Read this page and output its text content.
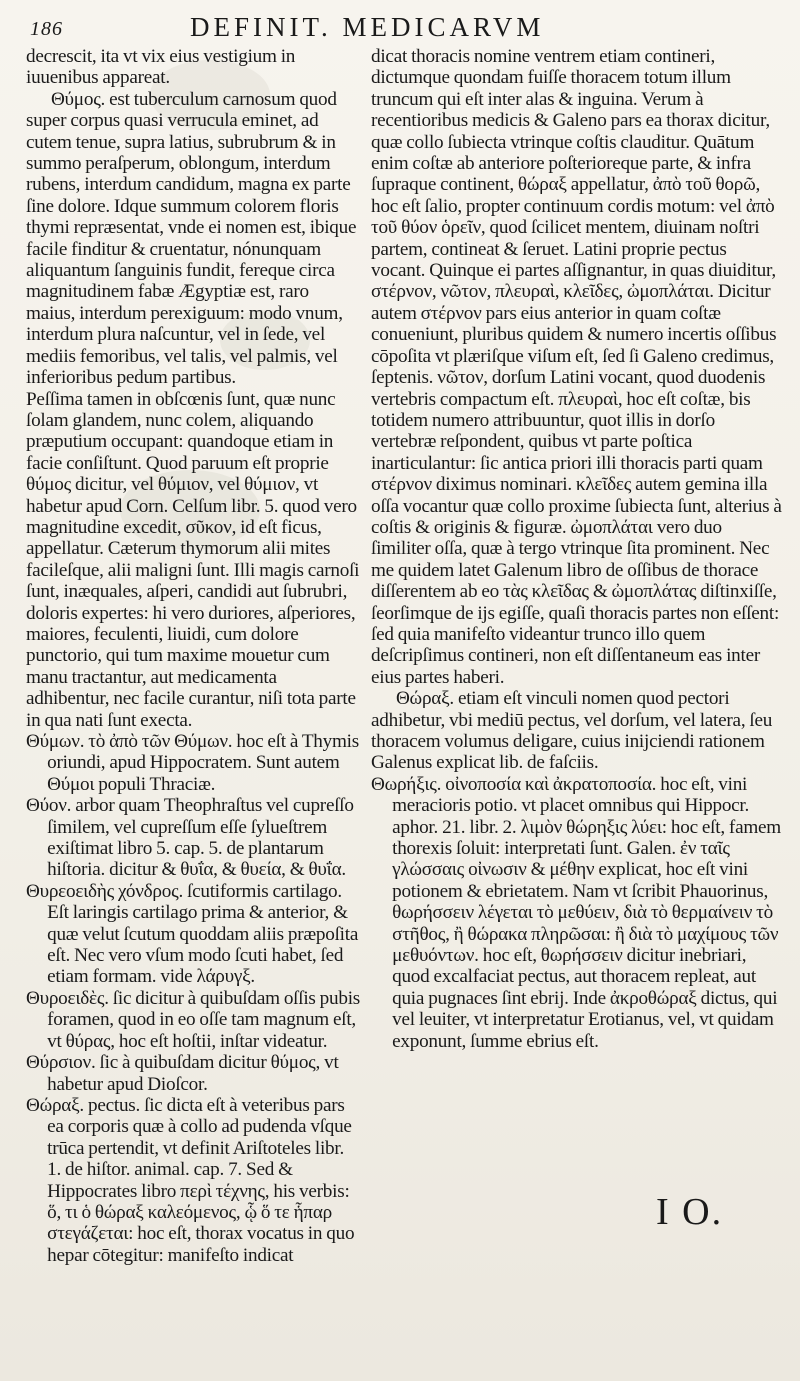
186	DEFINIT. MEDICARVM

decrescit, ita vt vix eius vestigium in iuuenibus appareat.

Θύμος. est tuberculum carnosum quod super corpus quasi verrucula eminet, ad cutem tenue, supra latius, subrubrum & in summo peraſperum, oblongum, interdum rubens, interdum candidum, magna ex parte ſine dolore. Idque summum colorem floris thymi repræsentat, vnde ei nomen est, ibique facile finditur & cruentatur, nónunquam aliquantum ſanguinis fundit, fereque circa magnitudinem fabæ Ægyptiæ est, raro maius, interdum perexiguum: modo vnum, interdum plura naſcuntur, vel in ſede, vel mediis femoribus, vel talis, vel palmis, vel inferioribus pedum partibus.

Peſſima tamen in obſcœnis ſunt, quæ nunc ſolam glandem, nunc colem, aliquando præputium occupant: quandoque etiam in facie conſiſtunt. Quod paruum eſt proprie θύμος dicitur, vel θύμιον, vel θύμιον, vt habetur apud Corn. Celſum libr. 5. quod vero magnitudine excedit, σῦκον, id eſt ficus, appellatur. Cæterum thymorum alii mites facileſque, alii maligni ſunt. Illi magis carnoſi ſunt, inæquales, aſperi, candidi aut ſubrubri, doloris expertes: hi vero duriores, aſperiores, maiores, feculenti, liuidi, cum dolore punctorio, qui tum maxime mouetur cum manu tractantur, aut medicamenta adhibentur, nec facile curantur, niſi tota parte in qua nati ſunt execta.

Θύμων. τὸ ἀπὸ τῶν Θύμων. hoc eſt à Thymis oriundi, apud Hippocratem. Sunt autem Θύμοι populi Thraciæ.

Θύον. arbor quam Theophraſtus vel cupreſſo ſimilem, vel cupreſſum eſſe ſylueſtrem exiſtimat libro 5. cap. 5. de plantarum hiſtoria. dicitur & θυΐα, & θυεία, & θυΐα.

Θυρεοειδὴς χόνδρος. ſcutiformis cartilago. Eſt laringis cartilago prima & anterior, & quæ velut ſcutum quoddam aliis præpoſita eſt. Nec vero vſum modo ſcuti habet, ſed etiam formam. vide λάρυγξ.

Θυροειδὲς. ſic dicitur à quibuſdam oſſis pubis foramen, quod in eo oſſe tam magnum eſt, vt θύρας, hoc eſt hoſtii, inſtar videatur.

Θύρσιον. ſic à quibuſdam dicitur θύμος, vt habetur apud Dioſcor.

Θώραξ. pectus. ſic dicta eſt à veteribus pars ea corporis quæ à collo ad pudenda vſque trūca pertendit, vt definit Ariſtoteles libr. 1. de hiſtor. animal. cap. 7. Sed & Hippocrates libro περὶ τέχνης, his verbis: ὅ, τι ὁ θώραξ καλεόμενος, ᾧ ὅ τε ἧπαρ στεγάζεται: hoc eſt, thorax vocatus in quo hepar cōtegitur: manifeſto indicat

dicat thoracis nomine ventrem etiam contineri, dictumque quondam fuiſſe thoracem totum illum truncum qui eſt inter alas & inguina. Verum à recentioribus medicis & Galeno pars ea thorax dicitur, quæ collo ſubiecta vtrinque coſtis clauditur. Quātum enim coſtæ ab anteriore poſterioreque parte, & infra ſupraque continent, θώραξ appellatur, ἀπὸ τοῦ θορῶ, hoc eſt ſalio, propter continuum cordis motum: vel ἀπὸ τοῦ θύον ὁρεῖν, quod ſcilicet mentem, diuinam noſtri partem, contineat & ſeruet. Latini proprie pectus vocant. Quinque ei partes aſſignantur, in quas diuiditur, στέρνον, νῶτον, πλευραὶ, κλεῖδες, ὠμοπλάται. Dicitur autem στέρνον pars eius anterior in quam coſtæ conueniunt, pluribus quidem & numero incertis oſſibus cōpoſita vt plæriſque viſum eſt, ſed ſi Galeno credimus, ſeptenis. νῶτον, dorſum Latini vocant, quod duodenis vertebris compactum eſt. πλευραὶ, hoc eſt coſtæ, bis totidem numero attribuuntur, quot illis in dorſo vertebræ reſpondent, quibus vt parte poſtica inarticulantur: ſic antica priori illi thoracis parti quam στέρνον diximus nominari. κλεῖδες autem gemina illa oſſa vocantur quæ collo proxime ſubiecta ſunt, alterius à coſtis & originis & figuræ. ὠμοπλάται vero duo ſimiliter oſſa, quæ à tergo vtrinque ſita prominent. Nec me quidem latet Galenum libro de oſſibus de thorace diſſerentem ab eo τὰς κλεῖδας & ὠμοπλάτας diſtinxiſſe, ſeorſimque de ijs egiſſe, quaſi thoracis partes non eſſent: ſed quia manifeſto videantur trunco illo quem deſcripſimus contineri, non eſt diſſentaneum eas inter eius partes haberi.

Θώραξ. etiam eſt vinculi nomen quod pectori adhibetur, vbi mediū pectus, vel dorſum, vel latera, ſeu thoracem volumus deligare, cuius inijciendi rationem Galenus explicat lib. de faſciis.

Θωρήξις. οἰνοποσία καὶ ἀκρατοποσία. hoc eſt, vini meracioris potio. vt placet omnibus qui Hippocr. aphor. 21. libr. 2. λιμὸν θώρηξις λύει: hoc eſt, famem thorexis ſoluit: interpretati ſunt. Galen. ἐν ταῖς γλώσσαις οἰνωσιν & μέθην explicat, hoc eſt vini potionem & ebrietatem. Nam vt ſcribit Phauorinus, θωρήσσειν λέγεται τὸ μεθύειν, διὰ τὸ θερμαίνειν τὸ στῆθος, ἢ θώρακα πληρῶσαι: ἢ διὰ τὸ μαχίμους τῶν μεθυόντων. hoc eſt, θωρήσσειν dicitur inebriari, quod excalfaciat pectus, aut thoracem repleat, aut quia pugnaces ſint ebrij. Inde ἀκροθώραξ dictus, qui vel leuiter, vt interpretatur Erotianus, vel, vt quidam exponunt, ſumme ebrius eſt.

I O.
